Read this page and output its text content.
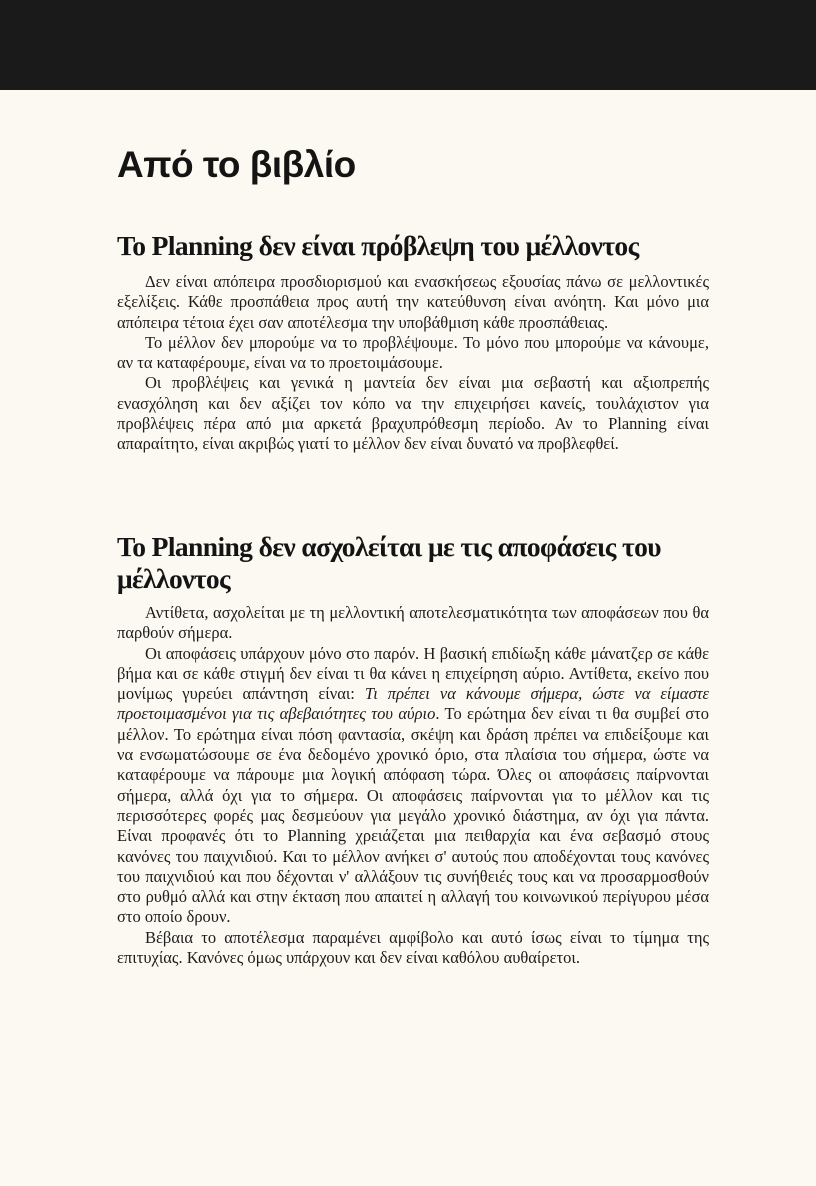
Από το βιβλίο
Το Planning δεν είναι πρόβλεψη του μέλλοντος

Δεν είναι απόπειρα προσδιορισμού και ενασκήσεως εξουσίας πάνω σε μελλοντικές εξελίξεις. Κάθε προσπάθεια προς αυτή την κατεύθυνση είναι ανόητη. Και μόνο μια απόπειρα τέτοια έχει σαν αποτέλεσμα την υποβάθμιση κάθε προσπάθειας.

Το μέλλον δεν μπορούμε να το προβλέψουμε. Το μόνο που μπορούμε να κάνουμε, αν τα καταφέρουμε, είναι να το προετοιμάσουμε.

Οι προβλέψεις και γενικά η μαντεία δεν είναι μια σεβαστή και αξιοπρεπής ενασχόληση και δεν αξίζει τον κόπο να την επιχειρήσει κανείς, τουλάχιστον για προβλέψεις πέρα από μια αρκετά βραχυπρόθεσμη περίοδο. Αν το Planning είναι απαραίτητο, είναι ακριβώς γιατί το μέλλον δεν είναι δυνατό να προβλεφθεί.

Το Planning δεν ασχολείται με τις αποφάσεις του μέλλοντος

Αντίθετα, ασχολείται με τη μελλοντική αποτελεσματικότητα των αποφάσεων που θα παρθούν σήμερα.

Οι αποφάσεις υπάρχουν μόνο στο παρόν. Η βασική επιδίωξη κάθε μάνατζερ σε κάθε βήμα και σε κάθε στιγμή δεν είναι τι θα κάνει η επιχείρηση αύριο. Αντίθετα, εκείνο που μονίμως γυρεύει απάντηση είναι: Τι πρέπει να κάνουμε σήμερα, ώστε να είμαστε προετοιμασμένοι για τις αβεβαιότητες του αύριο. Το ερώτημα δεν είναι τι θα συμβεί στο μέλλον. Το ερώτημα είναι πόση φαντασία, σκέψη και δράση πρέπει να επιδείξουμε και να ενσωματώσουμε σε ένα δεδομένο χρονικό όριο, στα πλαίσια του σήμερα, ώστε να καταφέρουμε να πάρουμε μια λογική απόφαση τώρα. Όλες οι αποφάσεις παίρνονται σήμερα, αλλά όχι για το σήμερα. Οι αποφάσεις παίρνονται για το μέλλον και τις περισσότερες φορές μας δεσμεύουν για μεγάλο χρονικό διάστημα, αν όχι για πάντα. Είναι προφανές ότι το Planning χρειάζεται μια πειθαρχία και ένα σεβασμό στους κανόνες του παιχνιδιού. Και το μέλλον ανήκει σ' αυτούς που αποδέχονται τους κανόνες του παιχνιδιού και που δέχονται ν' αλλάξουν τις συνήθειές τους και να προσαρμοσθούν στο ρυθμό αλλά και στην έκταση που απαιτεί η αλλαγή του κοινωνικού περίγυρου μέσα στο οποίο δρουν.

Βέβαια το αποτέλεσμα παραμένει αμφίβολο και αυτό ίσως είναι το τίμημα της επιτυχίας. Κανόνες όμως υπάρχουν και δεν είναι καθόλου αυθαίρετοι.
